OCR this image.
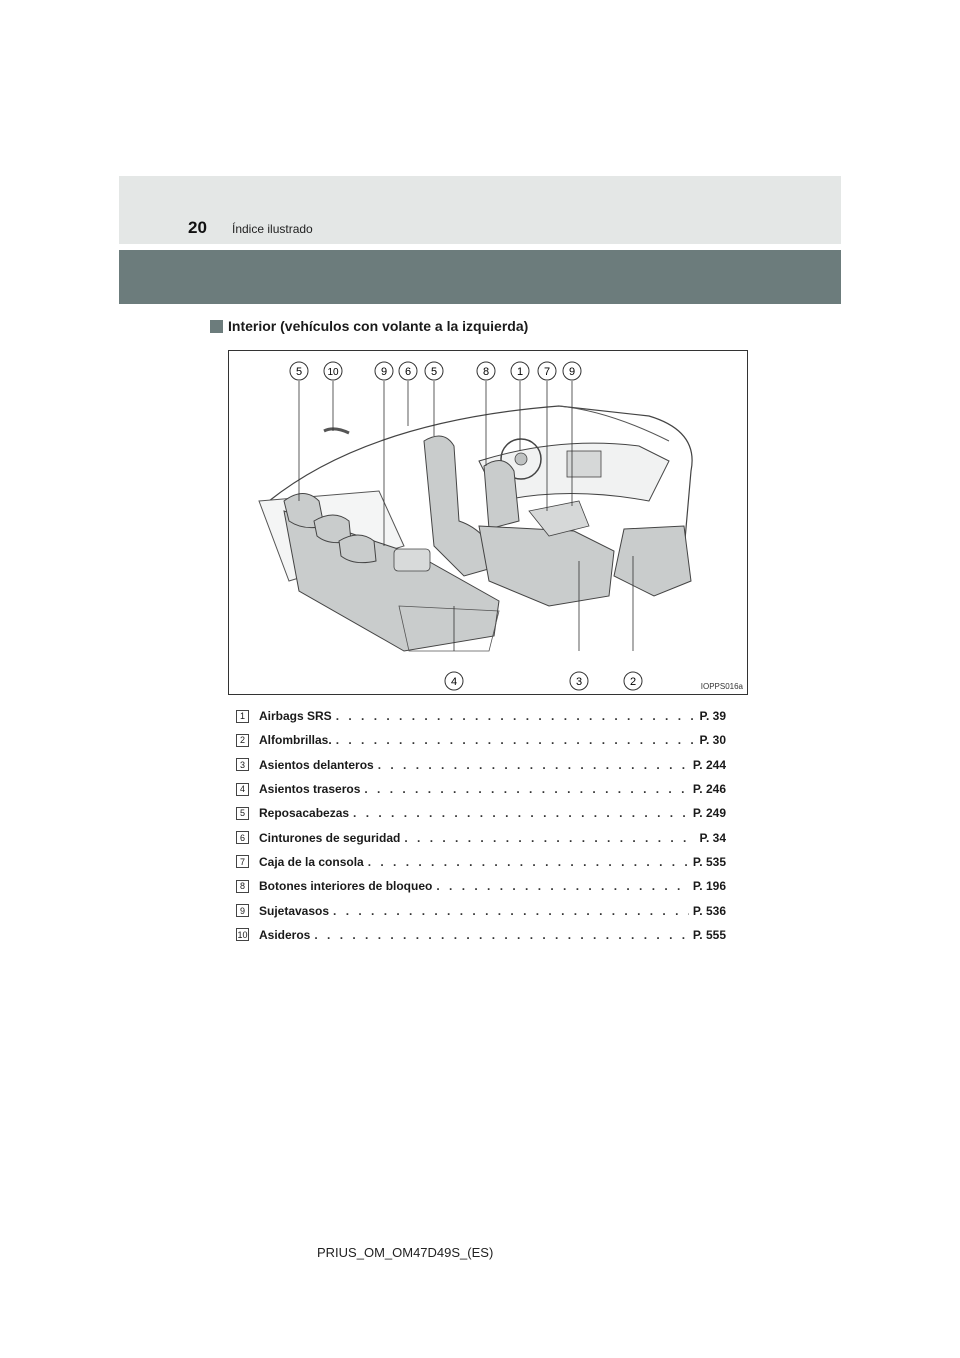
20 Índice ilustrado
Interior (vehículos con volante a la izquierda)
5	10	9 6 5	8	1 7 9
4	3	2	IOPPS016a
1	Airbags SRS . . .	P. 39
2	Alfombrillas. . . .	P. 30
3	Asientos delanteros . . .	P. 244
4	Asientos traseros . . .	P. 246
5	Reposacabezas . . .	P. 249
6	Cinturones de seguridad . . .	P. 34
7	Caja de la consola . . .	P. 535
8	Botones interiores de bloqueo . . .	P. 196
9	Sujetavasos . . .	P. 536
10 Asideros . . .	P. 555
PRIUS_OM_OM47D49S_(ES)
